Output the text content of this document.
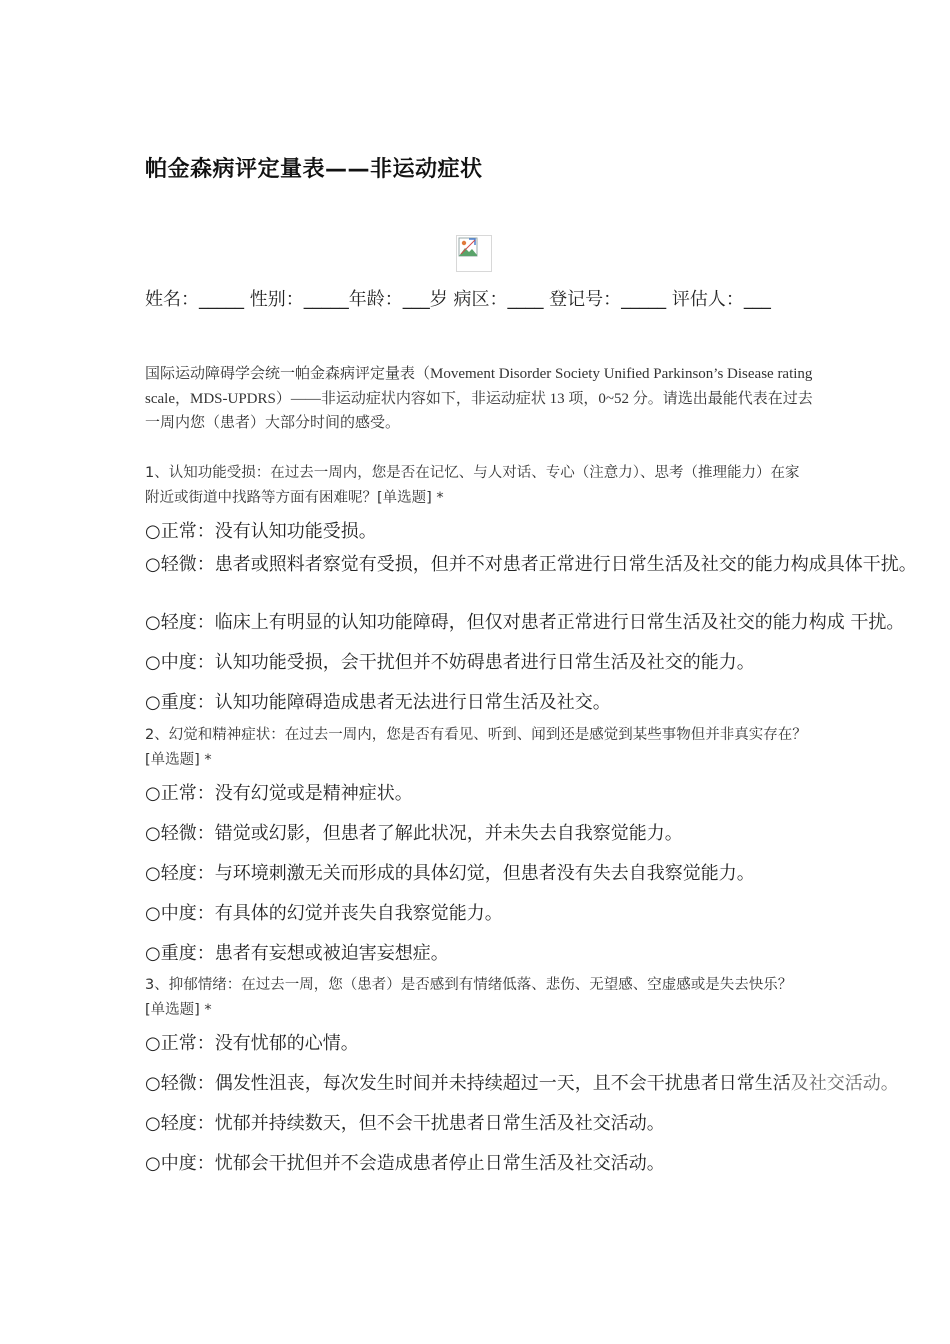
帕金森病评定量表——非运动症状
姓名：_____ 性别：_____年龄：___岁 病区：____ 登记号：_____ 评估人：___
国际运动障碍学会统一帕金森病评定量表（Movement Disorder Society Unified Parkinson’s Disease rating scale，MDS-UPDRS）——非运动症状内容如下，非运动症状 13 项，0~52 分。请选出最能代表在过去一周内您（患者）大部分时间的感受。
1、认知功能受损：在过去一周内，您是否在记忆、与人对话、专心（注意力）、思考（推理能力）在家附近或街道中找路等方面有困难呢？[单选题] *
○正常：没有认知功能受损。
○轻微：患者或照料者察觉有受损，但并不对患者正常进行日常生活及社交的能力构成具体干扰。
○轻度：临床上有明显的认知功能障碍，但仅对患者正常进行日常生活及社交的能力构成 干扰。
○中度：认知功能受损，会干扰但并不妨碍患者进行日常生活及社交的能力。
○重度：认知功能障碍造成患者无法进行日常生活及社交。
2、幻觉和精神症状：在过去一周内，您是否有看见、听到、闻到还是感觉到某些事物但并非真实存在？[单选题] *
○正常：没有幻觉或是精神症状。
○轻微：错觉或幻影，但患者了解此状况，并未失去自我察觉能力。
○轻度：与环境刺激无关而形成的具体幻觉，但患者没有失去自我察觉能力。
○中度：有具体的幻觉并丧失自我察觉能力。
○重度：患者有妄想或被迫害妄想症。
3、抑郁情绪：在过去一周，您（患者）是否感到有情绪低落、悲伤、无望感、空虚感或是失去快乐？[单选题] *
○正常：没有忧郁的心情。
○轻微：偶发性沮丧，每次发生时间并未持续超过一天，且不会干扰患者日常生活及社交活动。
○轻度：忧郁并持续数天，但不会干扰患者日常生活及社交活动。
○中度：忧郁会干扰但并不会造成患者停止日常生活及社交活动。
